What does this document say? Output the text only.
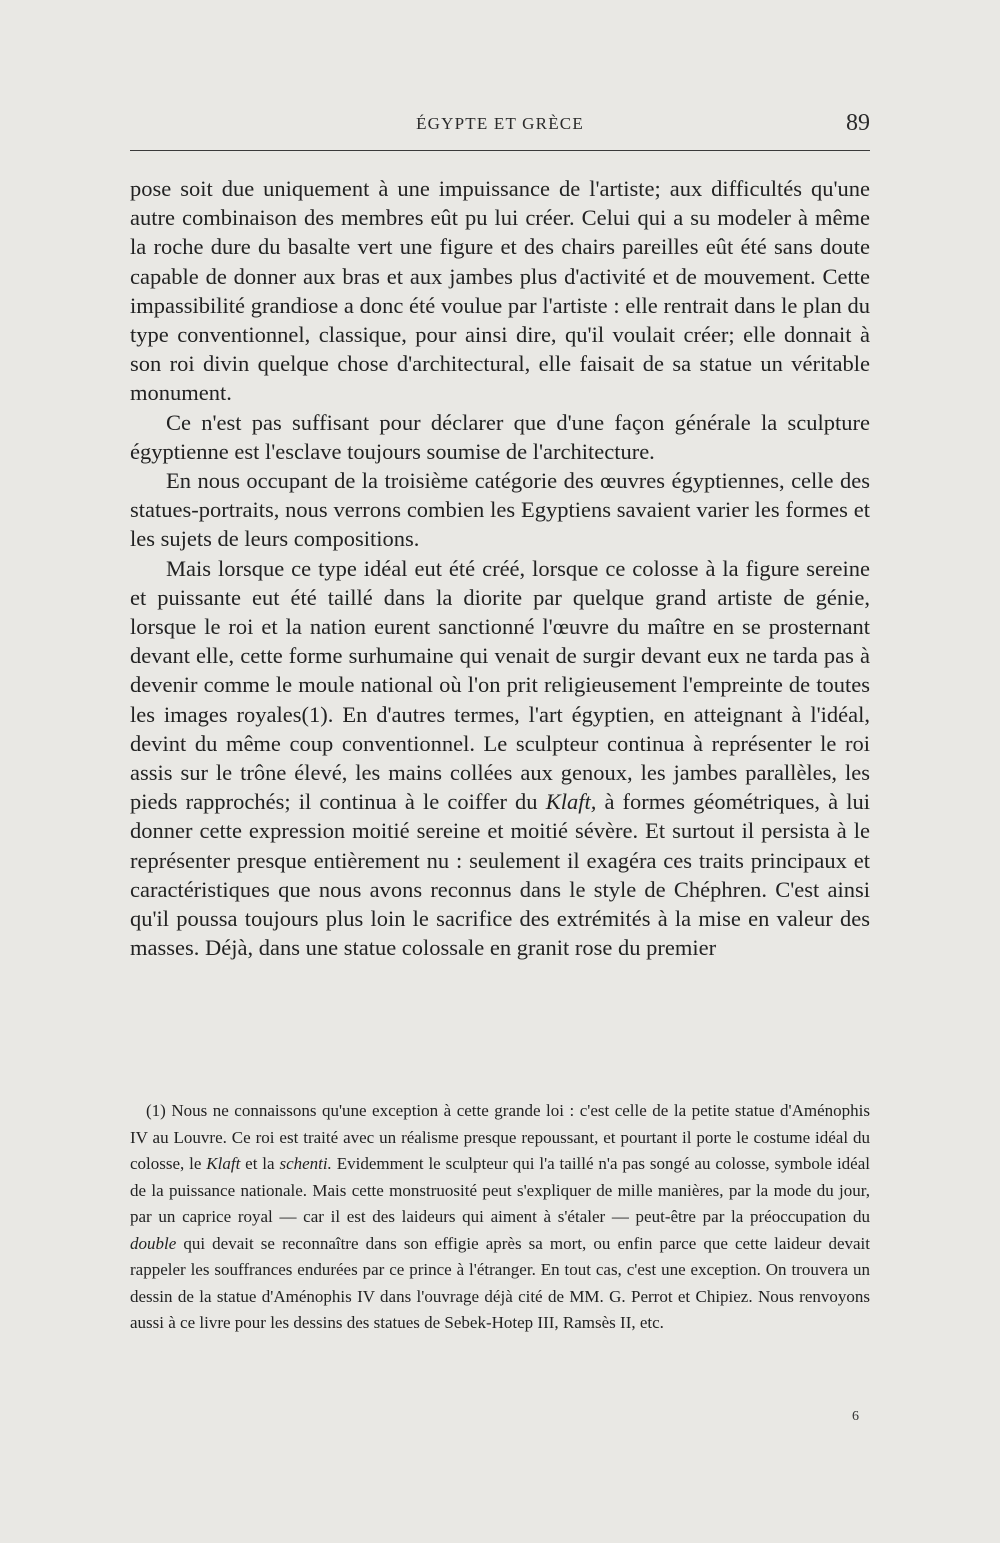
ÉGYPTE ET GRÈCE	89

pose soit due uniquement à une impuissance de l'artiste; aux difficultés qu'une autre combinaison des membres eût pu lui créer. Celui qui a su modeler à même la roche dure du basalte vert une figure et des chairs pareilles eût été sans doute capable de donner aux bras et aux jambes plus d'activité et de mouvement. Cette impassibilité grandiose a donc été voulue par l'artiste : elle rentrait dans le plan du type conventionnel, classique, pour ainsi dire, qu'il voulait créer; elle donnait à son roi divin quelque chose d'architectural, elle faisait de sa statue un véritable monument.

Ce n'est pas suffisant pour déclarer que d'une façon générale la sculpture égyptienne est l'esclave toujours soumise de l'architecture.

En nous occupant de la troisième catégorie des œuvres égyptiennes, celle des statues-portraits, nous verrons combien les Egyptiens savaient varier les formes et les sujets de leurs compositions.

Mais lorsque ce type idéal eut été créé, lorsque ce colosse à la figure sereine et puissante eut été taillé dans la diorite par quelque grand artiste de génie, lorsque le roi et la nation eurent sanctionné l'œuvre du maître en se prosternant devant elle, cette forme surhumaine qui venait de surgir devant eux ne tarda pas à devenir comme le moule national où l'on prit religieusement l'empreinte de toutes les images royales(1). En d'autres termes, l'art égyptien, en atteignant à l'idéal, devint du même coup conventionnel. Le sculpteur continua à représenter le roi assis sur le trône élevé, les mains collées aux genoux, les jambes parallèles, les pieds rapprochés; il continua à le coiffer du Klaft, à formes géométriques, à lui donner cette expression moitié sereine et moitié sévère. Et surtout il persista à le représenter presque entièrement nu : seulement il exagéra ces traits principaux et caractéristiques que nous avons reconnus dans le style de Chéphren. C'est ainsi qu'il poussa toujours plus loin le sacrifice des extrémités à la mise en valeur des masses. Déjà, dans une statue colossale en granit rose du premier

(1) Nous ne connaissons qu'une exception à cette grande loi : c'est celle de la petite statue d'Aménophis IV au Louvre. Ce roi est traité avec un réalisme presque repoussant, et pourtant il porte le costume idéal du colosse, le Klaft et la schenti. Evidemment le sculpteur qui l'a taillé n'a pas songé au colosse, symbole idéal de la puissance nationale. Mais cette monstruosité peut s'expliquer de mille manières, par la mode du jour, par un caprice royal — car il est des laideurs qui aiment à s'étaler — peut-être par la préoccupation du double qui devait se reconnaître dans son effigie après sa mort, ou enfin parce que cette laideur devait rappeler les souffrances endurées par ce prince à l'étranger. En tout cas, c'est une exception. On trouvera un dessin de la statue d'Aménophis IV dans l'ouvrage déjà cité de MM. G. Perrot et Chipiez. Nous renvoyons aussi à ce livre pour les dessins des statues de Sebek-Hotep III, Ramsès II, etc.

6
